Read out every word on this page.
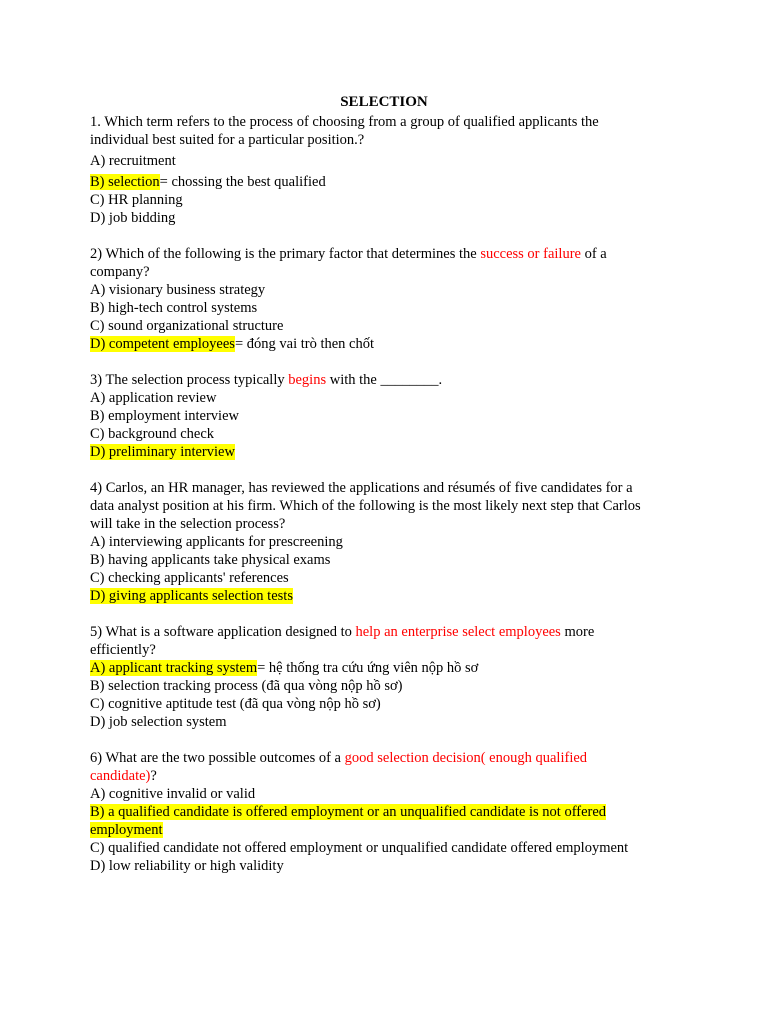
SELECTION
1. Which term refers to the process of choosing from a group of qualified applicants the
individual best suited for a particular position.?
A) recruitment
B) selection= chossing the best qualified
C) HR planning
D) job bidding
2) Which of the following is the primary factor that determines the success or failure of a
company?
A) visionary business strategy
B) high-tech control systems
C) sound organizational structure
D) competent employees= đóng vai trò then chốt
3) The selection process typically begins with the ________.
A) application review
B) employment interview
C) background check
D) preliminary interview
4) Carlos, an HR manager, has reviewed the applications and résumés of five candidates for a
data analyst position at his firm. Which of the following is the most likely next step that Carlos
will take in the selection process?
A) interviewing applicants for prescreening
B) having applicants take physical exams
C) checking applicants' references
D) giving applicants selection tests
5) What is a software application designed to help an enterprise select employees more
efficiently?
A) applicant tracking system= hệ thống tra cứu ứng viên nộp hồ sơ
B) selection tracking process (đã qua vòng nộp hồ sơ)
C) cognitive aptitude test (đã qua vòng nộp hồ sơ)
D) job selection system
6) What are the two possible outcomes of a good selection decision( enough qualified
candidate)?
A) cognitive invalid or valid
B) a qualified candidate is offered employment or an unqualified candidate is not offered
employment
C) qualified candidate not offered employment or unqualified candidate offered employment
D) low reliability or high validity
